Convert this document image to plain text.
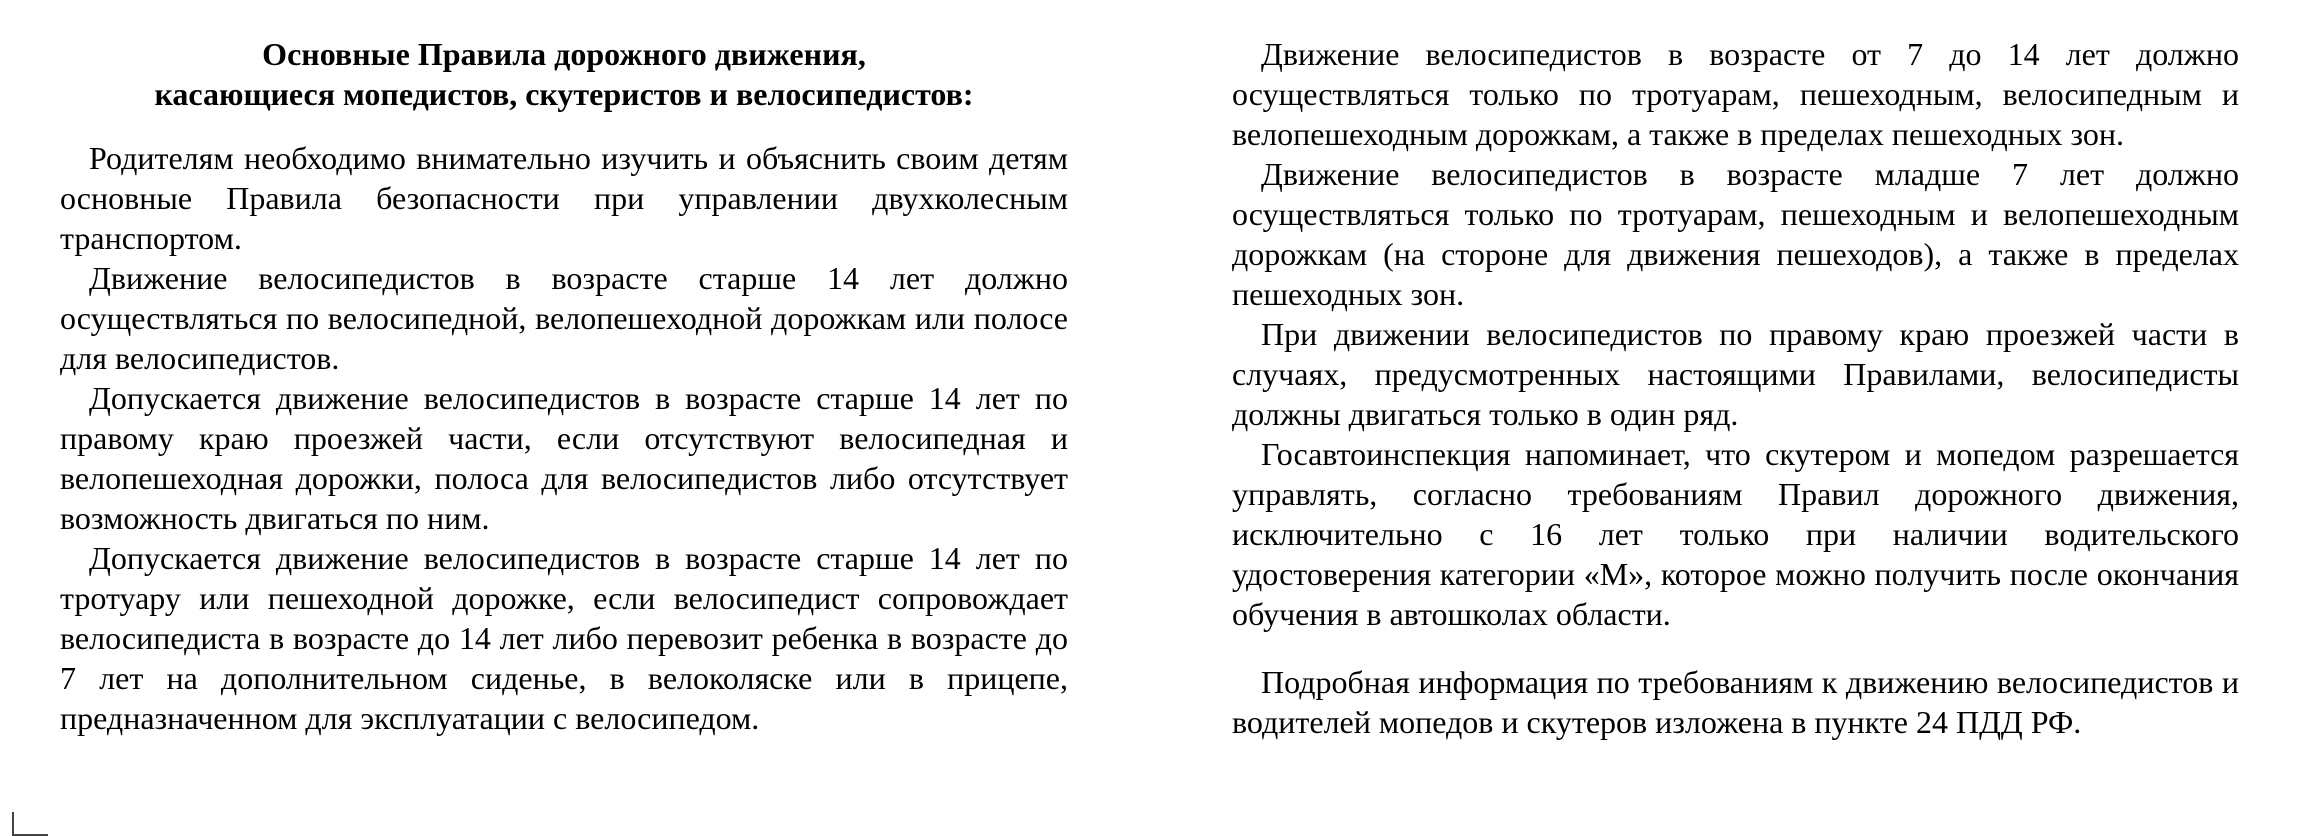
Основные Правила дорожного движения,
касающиеся мопедистов, скутеристов и велосипедистов:

Родителям необходимо внимательно изучить и объяснить своим детям основные Правила безопасности при управлении двухколесным транспортом.

Движение велосипедистов в возрасте старше 14 лет должно осуществляться по велосипедной, велопешеходной дорожкам или полосе для велосипедистов.

Допускается движение велосипедистов в возрасте старше 14 лет по правому краю проезжей части, если отсутствуют велосипедная и велопешеходная дорожки, полоса для велосипедистов либо отсутствует возможность двигаться по ним.

Допускается движение велосипедистов в возрасте старше 14 лет по тротуару или пешеходной дорожке, если велосипедист сопровождает велосипедиста в возрасте до 14 лет либо перевозит ребенка в возрасте до 7 лет на дополнительном сиденье, в велоколяске или в прицепе, предназначенном для эксплуатации с велосипедом.

Движение велосипедистов в возрасте от 7 до 14 лет должно осуществляться только по тротуарам, пешеходным, велосипедным и велопешеходным дорожкам, а также в пределах пешеходных зон.

Движение велосипедистов в возрасте младше 7 лет должно осуществляться только по тротуарам, пешеходным и велопешеходным дорожкам (на стороне для движения пешеходов), а также в пределах пешеходных зон.

При движении велосипедистов по правому краю проезжей части в случаях, предусмотренных настоящими Правилами, велосипедисты должны двигаться только в один ряд.

Госавтоинспекция напоминает, что скутером и мопедом разрешается управлять, согласно требованиям Правил дорожного движения, исключительно с 16 лет только при наличии водительского удостоверения категории «М», которое можно получить после окончания обучения в автошколах области.

Подробная информация по требованиям к движению велосипедистов и водителей мопедов и скутеров изложена в пункте 24 ПДД РФ.
